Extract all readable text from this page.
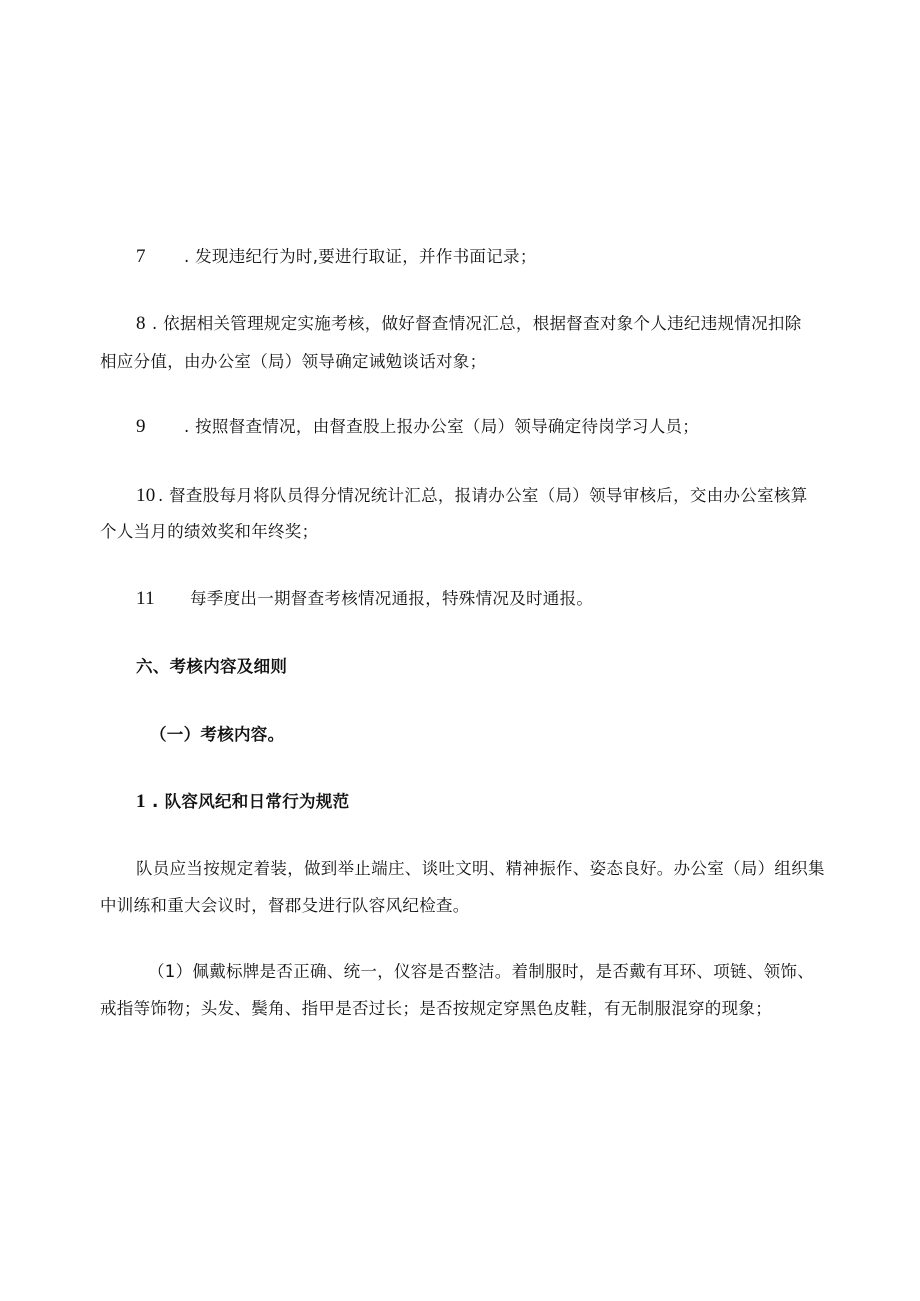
7 . 发现违纪行为时,要进行取证，并作书面记录；
8 . 依据相关管理规定实施考核，做好督查情况汇总，根据督查对象个人违纪违规情况扣除
相应分值，由办公室（局）领导确定诫勉谈话对象；
9 . 按照督查情况，由督查股上报办公室（局）领导确定待岗学习人员；
10 . 督查股每月将队员得分情况统计汇总，报请办公室（局）领导审核后，交由办公室核算
个人当月的绩效奖和年终奖；
11 每季度出一期督查考核情况通报，特殊情况及时通报。
六、考核内容及细则
（一）考核内容。
1 . 队容风纪和日常行为规范
队员应当按规定着装，做到举止端庄、谈吐文明、精神振作、姿态良好。办公室（局）组织集
中训练和重大会议时，督郡殳进行队容风纪检查。
（1）佩戴标牌是否正确、统一，仪容是否整洁。着制服时，是否戴有耳环、项链、领饰、
戒指等饰物；头发、鬓角、指甲是否过长；是否按规定穿黑色皮鞋，有无制服混穿的现象；
